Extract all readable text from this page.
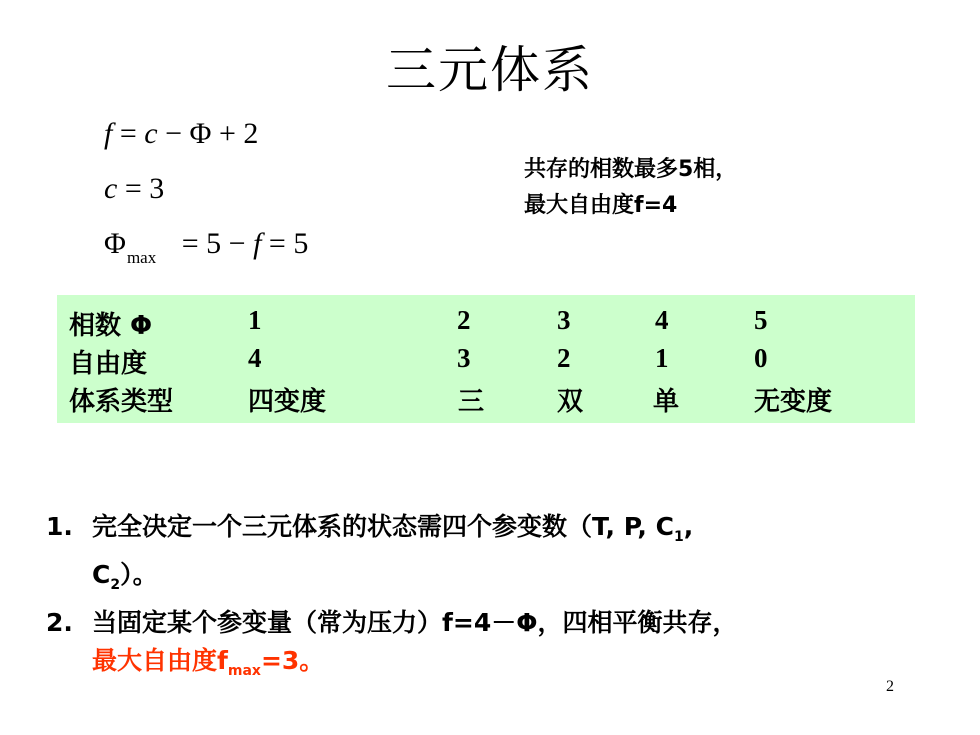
三元体系
f = c − Φ + 2
c = 3
$\Phi_{max} = 5 - f = 5$
共存的相数最多5相，
最大自由度f=4
相数 Φ	1	2	3	4	5
自由度	4	3	2	1	0
体系类型	四变度	三	双	单	无变度
1. 完全决定一个三元体系的状态需四个参变数（T, P, $C_1$,
$C_2$）。
2. 当固定某个参变量（常为压力）f=4－Φ，四相平衡共存，
最大自由度$f_{max}=3$。
2
